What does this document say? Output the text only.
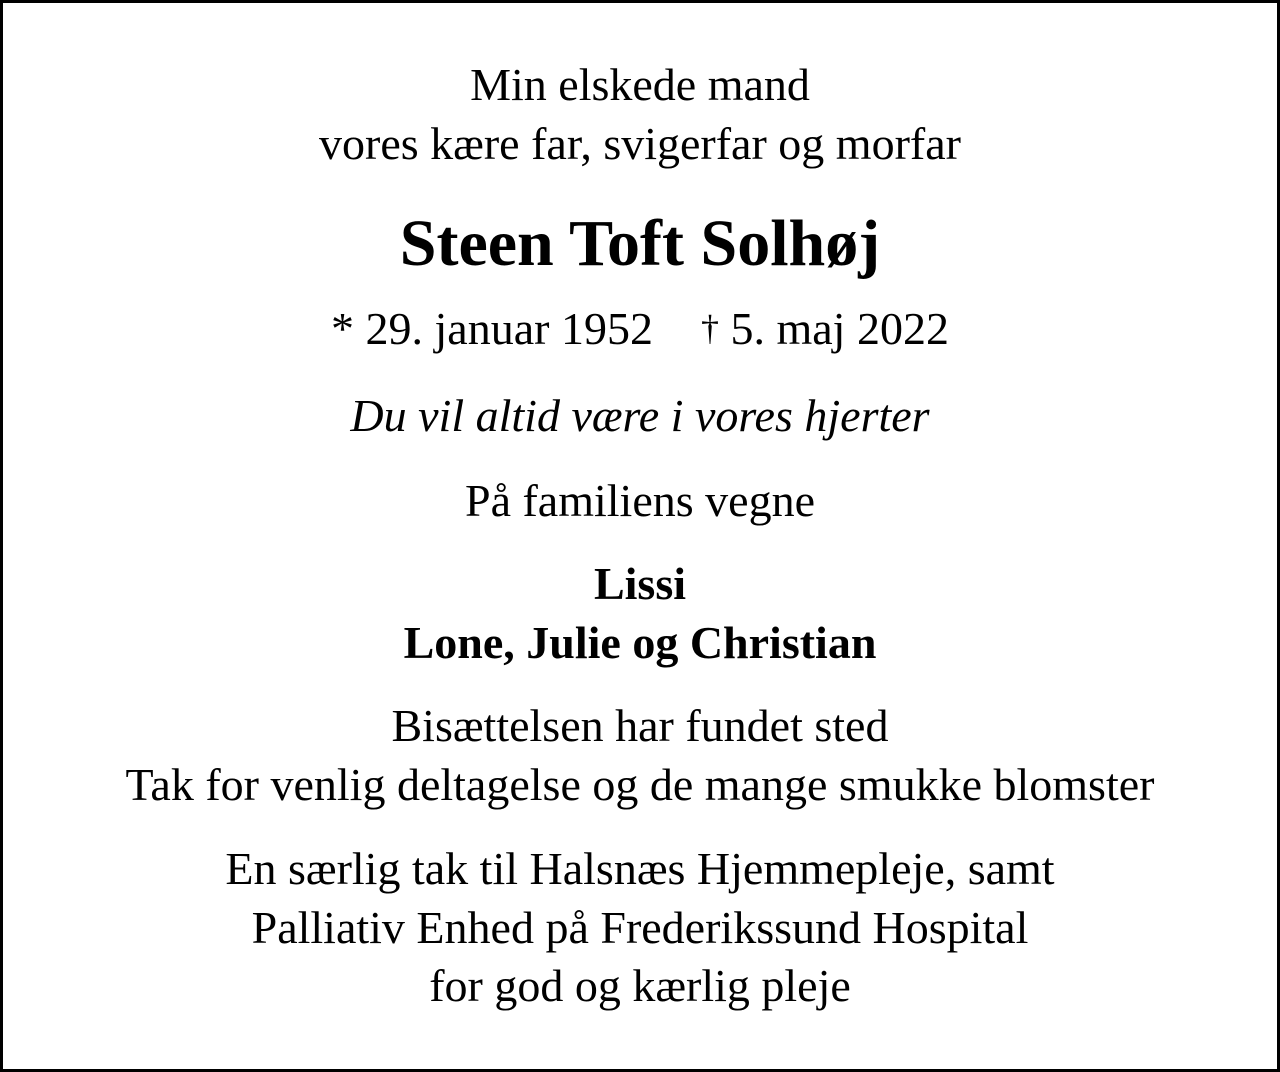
Min elskede mand
vores kære far, svigerfar og morfar
Steen Toft Solhøj
* 29. januar 1952 † 5. maj 2022
Du vil altid være i vores hjerter
På familiens vegne
Lissi
Lone, Julie og Christian
Bisættelsen har fundet sted
Tak for venlig deltagelse og de mange smukke blomster
En særlig tak til Halsnæs Hjemmepleje, samt
Palliativ Enhed på Frederikssund Hospital
for god og kærlig pleje
